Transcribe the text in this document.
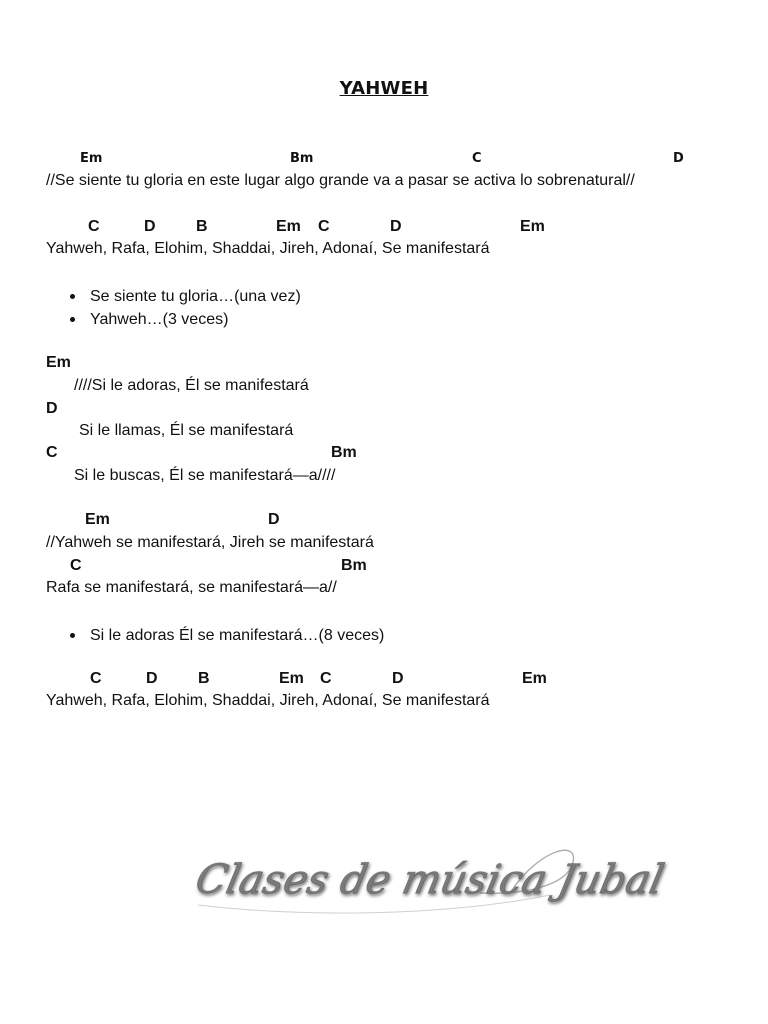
YAHWEH
Em	Bm	C	D
//Se siente tu gloria en este lugar algo grande va a pasar se activa lo sobrenatural//
C	D	B	Em C	D	Em
Yahweh, Rafa, Elohim, Shaddai, Jireh, Adonaí, Se manifestará
Se siente tu gloria…(una vez)
Yahweh…(3 veces)
Em
////Si le adoras, Él se manifestará
D
Si le llamas, Él se manifestará
C	Bm
Si le buscas, Él se manifestará—a////
Em	D
//Yahweh se manifestará, Jireh se manifestará
C	Bm
Rafa se manifestará, se manifestará—a//
Si le adoras Él se manifestará…(8 veces)
C	D	B	Em C	D	Em
Yahweh, Rafa, Elohim, Shaddai, Jireh, Adonaí, Se manifestará
Clases de música Jubal
